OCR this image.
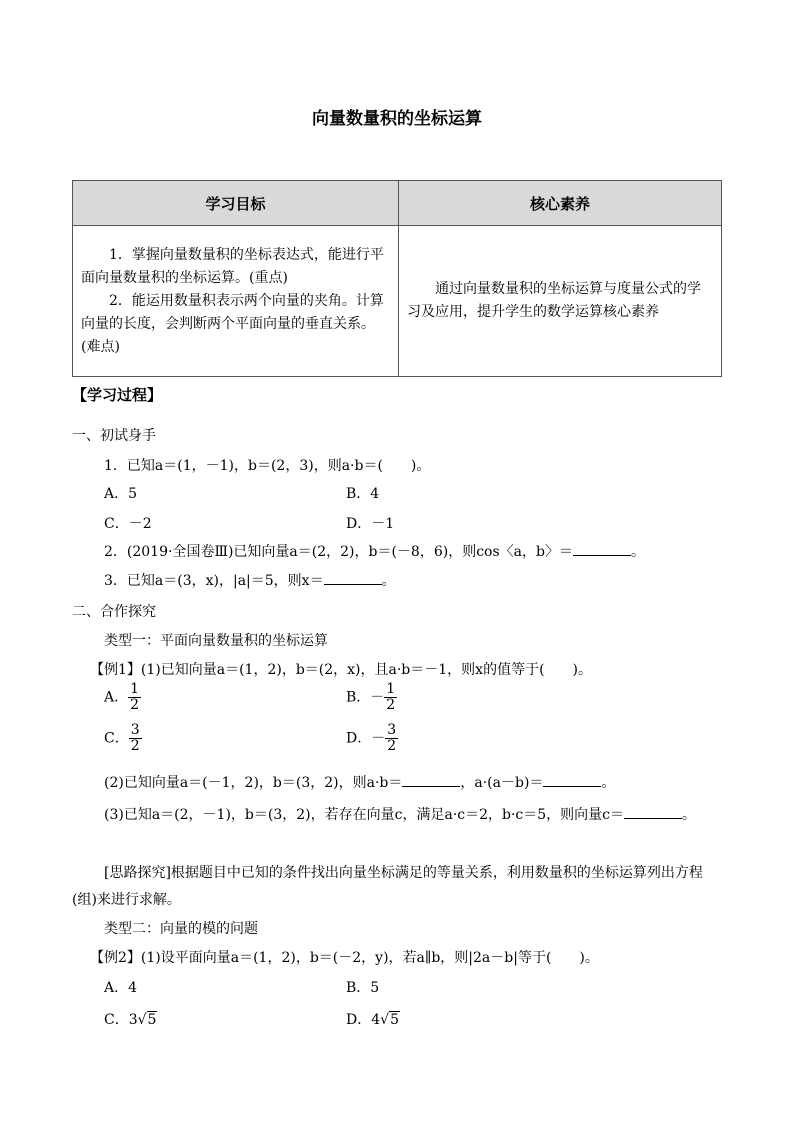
向量数量积的坐标运算
学习目标	核心素养

1．掌握向量数量积的坐标表达式，能进行平面向量数量积的坐标运算。(重点)
2．能运用数量积表示两个向量的夹角。计算向量的长度，会判断两个平面向量的垂直关系。(难点)	通过向量数量积的坐标运算与度量公式的学习及应用，提升学生的数学运算核心素养
【学习过程】
一、初试身手
1．已知a＝(1，－1)，b＝(2，3)，则a·b＝(　　)。
A．5	B．4
C．－2	D．－1
2．(2019·全国卷Ⅲ)已知向量a＝(2，2)，b＝(－8，6)，则cos〈a，b〉＝	。
3．已知a＝(3，x)，|a|＝5，则x＝	。
二、合作探究
类型一：平面向量数量积的坐标运算
【例1】(1)已知向量a＝(1，2)，b＝(2，x)，且a·b＝－1，则x的值等于(　　)。
A． $\frac{1}{2}$	B．－ $\frac{1}{2}$
C． $\frac{3}{2}$	D．－ $\frac{3}{2}$
(2)已知向量a＝(－1，2)，b＝(3，2)，则a·b＝	，a·(a－b)＝	。
(3)已知a＝(2，－1)，b＝(3，2)，若存在向量c，满足a·c＝2，b·c＝5，则向量c＝	。
[思路探究]根据题目中已知的条件找出向量坐标满足的等量关系，利用数量积的坐标运算列出方程(组)来进行求解。
类型二：向量的模的问题
【例2】(1)设平面向量a＝(1，2)，b＝(－2，y)，若a∥b，则|2a－b|等于(　　)。
A．4	B．5
C．3√5	D．4√5
